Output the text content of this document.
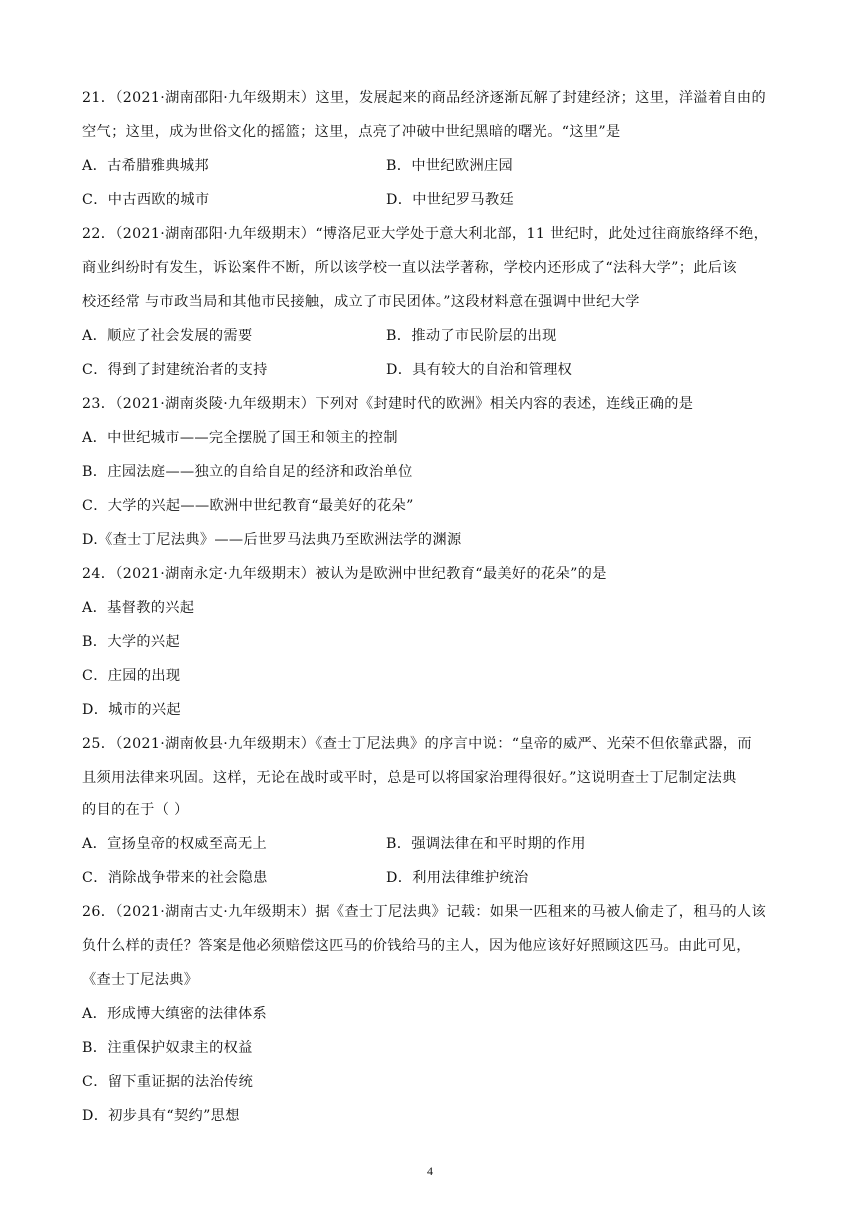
21．（2021·湖南邵阳·九年级期末）这里，发展起来的商品经济逐渐瓦解了封建经济；这里，洋溢着自由的
空气；这里，成为世俗文化的摇篮；这里，点亮了冲破中世纪黑暗的曙光。“这里”是
A．古希腊雅典城邦	B．中世纪欧洲庄园
C．中古西欧的城市	D．中世纪罗马教廷
22．（2021·湖南邵阳·九年级期末）“博洛尼亚大学处于意大利北部，11 世纪时，此处过往商旅络绎不绝，
商业纠纷时有发生，诉讼案件不断，所以该学校一直以法学著称，学校内还形成了“法科大学”；此后该
校还经常 与市政当局和其他市民接触，成立了市民团体。”这段材料意在强调中世纪大学
A．顺应了社会发展的需要	B．推动了市民阶层的出现
C．得到了封建统治者的支持	D．具有较大的自治和管理权
23．（2021·湖南炎陵·九年级期末）下列对《封建时代的欧洲》相关内容的表述，连线正确的是
A．中世纪城市——完全摆脱了国王和领主的控制
B．庄园法庭——独立的自给自足的经济和政治单位
C．大学的兴起——欧洲中世纪教育“最美好的花朵”
D.《查士丁尼法典》——后世罗马法典乃至欧洲法学的渊源
24．（2021·湖南永定·九年级期末）被认为是欧洲中世纪教育“最美好的花朵”的是
A．基督教的兴起
B．大学的兴起
C．庄园的出现
D．城市的兴起
25．（2021·湖南攸县·九年级期末）《查士丁尼法典》的序言中说：“皇帝的威严、光荣不但依靠武器，而
且须用法律来巩固。这样，无论在战时或平时，总是可以将国家治理得很好。”这说明查士丁尼制定法典
的目的在于（ ）
A．宣扬皇帝的权威至高无上	B．强调法律在和平时期的作用
C．消除战争带来的社会隐患	D．利用法律维护统治
26．（2021·湖南古丈·九年级期末）据《查士丁尼法典》记载：如果一匹租来的马被人偷走了，租马的人该
负什么样的责任？答案是他必须赔偿这匹马的价钱给马的主人，因为他应该好好照顾这匹马。由此可见，
《查士丁尼法典》
A．形成博大缜密的法律体系
B．注重保护奴隶主的权益
C．留下重证据的法治传统
D．初步具有“契约”思想
4
